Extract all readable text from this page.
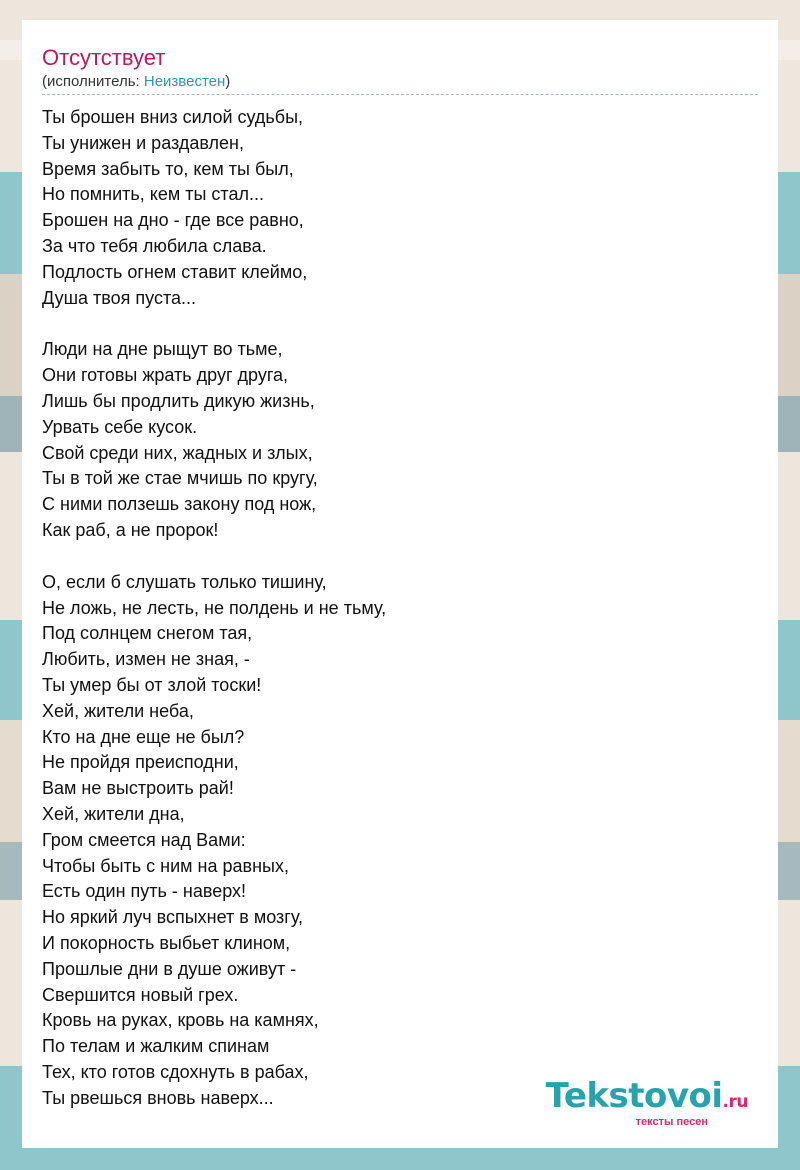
Отсутствует
(исполнитель: Неизвестен)
Ты брошен вниз силой судьбы,
Ты унижен и раздавлен,
Время забыть то, кем ты был,
Но помнить, кем ты стал...
Брошен на дно - где все равно,
За что тебя любила слава.
Подлость огнем ставит клеймо,
Душа твоя пуста...
Люди на дне рыщут во тьме,
Они готовы жрать друг друга,
Лишь бы продлить дикую жизнь,
Урвать себе кусок.
Свой среди них, жадных и злых,
Ты в той же стае мчишь по кругу,
С ними ползешь закону под нож,
Как раб, а не пророк!
О, если б слушать только тишину,
Не ложь, не лесть, не полдень и не тьму,
Под солнцем снегом тая,
Любить, измен не зная, -
Ты умер бы от злой тоски!
Хей, жители неба,
Кто на дне еще не был?
Не пройдя преисподни,
Вам не выстроить рай!
Хей, жители дна,
Гром смеется над Вами:
Чтобы быть с ним на равных,
Есть один путь - наверх!
Но яркий луч вспыхнет в мозгу,
И покорность выбьет клином,
Прошлые дни в душе оживут -
Свершится новый грех.
Кровь на руках, кровь на камнях,
По телам и жалким спинам
Тех, кто готов сдохнуть в рабах,
Ты рвешься вновь наверх...	Tekstovoi.ru
тексты песен
